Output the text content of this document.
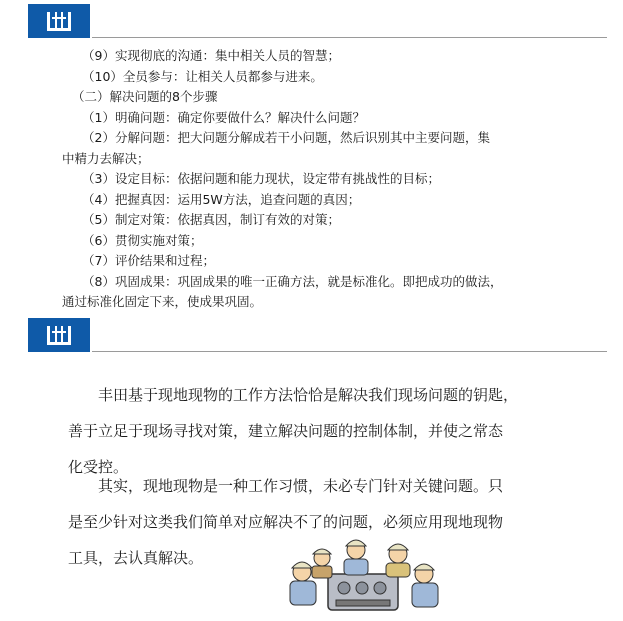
（9）实现彻底的沟通：集中相关人员的智慧；
（10）全员参与：让相关人员都参与进来。
（二）解决问题的8个步骤
（1）明确问题：确定你要做什么？解决什么问题？
（2）分解问题：把大问题分解成若干小问题，然后识别其中主要问题，集
中精力去解决；
（3）设定目标：依据问题和能力现状，设定带有挑战性的目标；
（4）把握真因：运用5W方法，追查问题的真因；
（5）制定对策：依据真因，制订有效的对策；
（6）贯彻实施对策；
（7）评价结果和过程；
（8）巩固成果：巩固成果的唯一正确方法，就是标准化。即把成功的做法，
通过标准化固定下来，使成果巩固。
丰田基于现地现物的工作方法恰恰是解决我们现场问题的钥匙，
善于立足于现场寻找对策，建立解决问题的控制体制，并使之常态
化受控。
其实，现地现物是一种工作习惯，未必专门针对关键问题。只
是至少针对这类我们简单对应解决不了的问题，必须应用现地现物
工具，去认真解决。
